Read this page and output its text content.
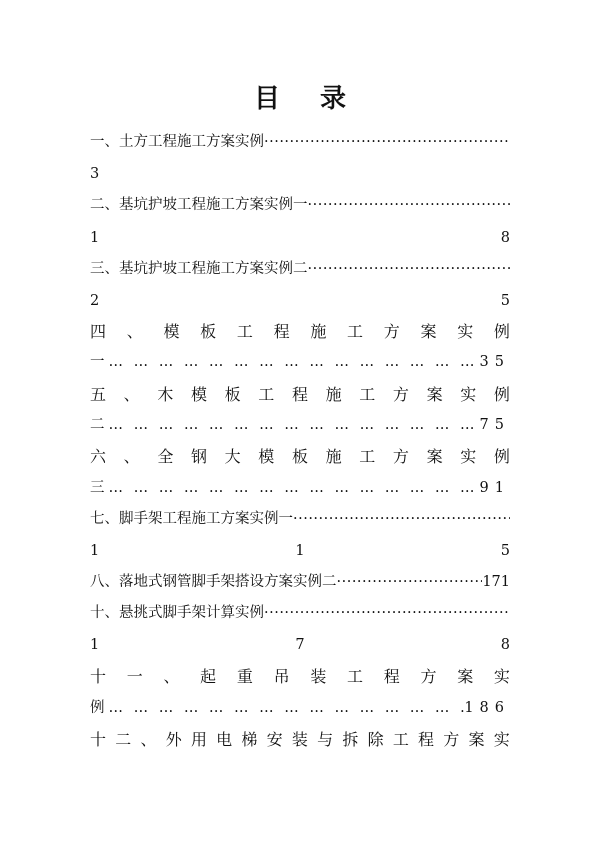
目 录
一、土方工程施工方案实例
·····
3
二、基坑护坡工程施工方案实例一
·····
1	8
三、基坑护坡工程施工方案实例二
·····
2	5
四 、 模 板 工 程 施 工 方 案 实 例
一 … … … … … … … … … … … … … … … … … … … … … … … … … … … … … … … … … … … … … … … … … … … …	35
五 、 木 模 板 工 程 施 工 方 案 实 例
二 … … … … … … … … … … … … … … … … … … … … … … … … … … … … … … … … … … … … … … … … … … … …	75
六 、 全 钢 大 模 板 施 工 方 案 实 例
三 … … … … … … … … … … … … … … … … … … … … … … … … … … … … … … … … … … … … … … … … … … … …	91
七、脚手架工程施工方案实例一
·····
1	1	5
八、落地式钢管脚手架搭设方案实例二 ·····	171
十、悬挑式脚手架计算实例
·····
1	7	8
十 一 、 起 重 吊 装 工 程 方 案 实
例 … … … … … … … … … … … … … … … … … … … … … … … … … … … … … … … … … … … … … … … … … … … …	186
十 二 、 外 用 电 梯 安 装 与 拆 除 工 程 方 案 实
